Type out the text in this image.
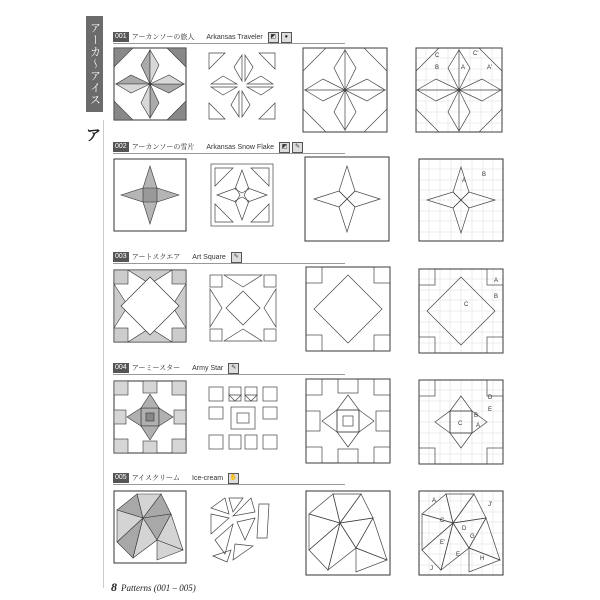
アーカ〜アイス
ア
001 アーカンソーの旅人 Arkansas Traveler	◩	●
002 アーカンソーの雪片 Arkansas Snow Flake	◩	✎
003 アートスクエア Art Square	✎
004 アーミースター Army Star	✎
005 アイスクリーム Ice-cream ✋
C	C'
A
B	A'
A
B
C
A
B
D
E
B
A
C
A
J'
C
D
G
E'
E
H
J
8 Patterns (001 – 005)
